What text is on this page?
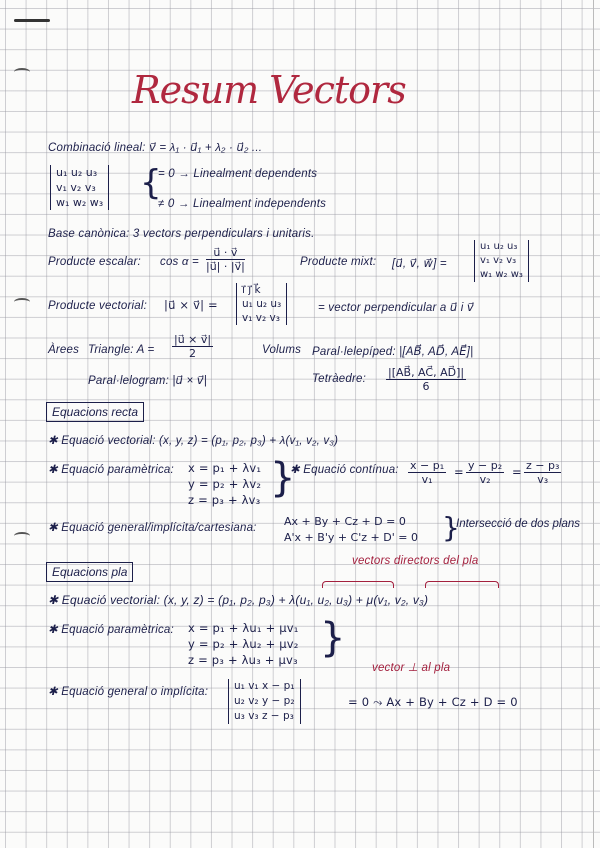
Resum Vectors
Combinació lineal: v⃗ = λ₁ · u⃗₁ + λ₂ · u⃗₂ ...
u₁ u₂ u₃
v₁ v₂ v₃
w₁ w₂ w₃ {
= 0 → Linealment dependents
≠ 0 → Linealment independents
Base canònica: 3 vectors perpendiculars i unitaris.
Producte escalar: $\cos \alpha = \frac{u⃗ \cdot v⃗}{|u⃗| \cdot |v⃗|}$	Producte mixt: [u⃗, v⃗, w⃗] =
u₁ u₂ u₃
v₁ v₂ v₃
w₁ w₂ w₃
Producte vectorial: |u⃗ × v⃗| =
i⃗ j⃗ k⃗
u₁ u₂ u₃
v₁ v₂ v₃
= vector perpendicular a u⃗ i v⃗
Àrees Triangle: $A = \frac{|u⃗ \times v⃗|}{2}$
Paral·lelogram: |u⃗ × v⃗|
Volums Paral·lelepíped: |[AB⃗, AD⃗, AE⃗]|
Tetràedre: $\frac{|[AB⃗, AC⃗, AD⃗]|}{6}$
Equacions recta
✱ Equació vectorial: (x, y, z) = (p₁, p₂, p₃) + λ(v₁, v₂, v₃)
✱ Equació paramètrica: x = p₁ + λv₁
y = p₂ + λv₂
z = p₃ + λv₃ }
✱ Equació contínua: $\frac{\text{x − p₁}}{\text{v₁}} = \frac{\text{y − p₂}}{\text{v₂}} = \frac{\text{z − p₃}}{\text{v₃}}$
✱ Equació general/implícita/cartesiana: Ax + By + Cz + D = 0
A'x + B'y + C'z + D' = 0 }
Intersecció de dos plans
Equacions pla
vectors directors del pla
✱ Equació vectorial: (x, y, z) = (p₁, p₂, p₃) + λ(u₁, u₂, u₃) + μ(v₁, v₂, v₃)
✱ Equació paramètrica: x = p₁ + λu₁ + μv₁
y = p₂ + λu₂ + μv₂
z = p₃ + λu₃ + μv₃ }
vector ⊥ al pla
✱ Equació general o implícita: u₁ v₁ x − p₁
u₂ v₂ y − p₂
u₃ v₃ z − p₃
= 0 ⤳ Ax + By + Cz + D = 0
